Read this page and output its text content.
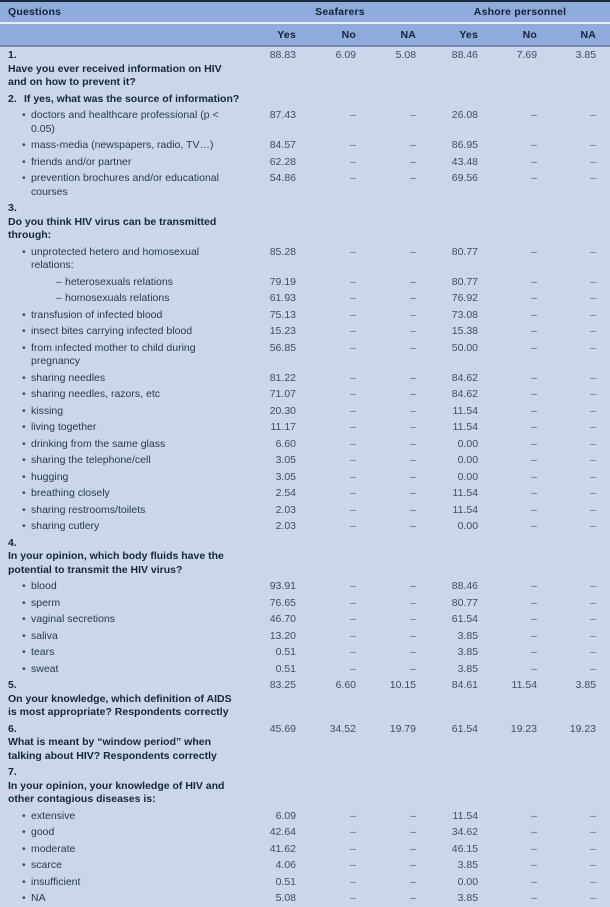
Questions	Seafarers			Ashore personnel		
	Yes	No	NA	Yes	No	NA
1.Have you ever received information on HIV and on how to prevent it?	88.83	6.09	5.08	88.46	7.69	3.85
2. If yes, what was the source of information?						
• doctors and healthcare professional (p < 0.05)	87.43	–	–	26.08	–	–
• mass-media (newspapers, radio, TV…)	84.57	–	–	86.95	–	–
• friends and/or partner	62.28	–	–	43.48	–	–
• prevention brochures and/or educational courses	54.86	–	–	69.56	–	–
3.Do you think HIV virus can be transmitted through:						
• unprotected hetero and homosexual relations:	85.28	–	–	80.77	–	–
– heterosexuals relations	79.19	–	–	80.77	–	–
– homosexuals relations	61.93	–	–	76.92	–	–
• transfusion of infected blood	75.13	–	–	73.08	–	–
• insect bites carrying infected blood	15.23	–	–	15.38	–	–
• from infected mother to child during pregnancy	56.85	–	–	50.00	–	–
• sharing needles	81.22	–	–	84.62	–	–
• sharing needles, razors, etc	71.07	–	–	84.62	–	–
• kissing	20.30	–	–	11.54	–	–
• living together	11.17	–	–	11.54	–	–
• drinking from the same glass	6.60	–	–	0.00	–	–
• sharing the telephone/cell	3.05	–	–	0.00	–	–
• hugging	3.05	–	–	0.00	–	–
• breathing closely	2.54	–	–	11.54	–	–
• sharing restrooms/toilets	2.03	–	–	11.54	–	–
• sharing cutlery	2.03	–	–	0.00	–	–
4.In your opinion, which body fluids have the potential to transmit the HIV virus?						
• blood	93.91	–	–	88.46	–	–
• sperm	76.65	–	–	80.77	–	–
• vaginal secretions	46.70	–	–	61.54	–	–
• saliva	13.20	–	–	3.85	–	–
• tears	0.51	–	–	3.85	–	–
• sweat	0.51	–	–	3.85	–	–
5.On your knowledge, which definition of AIDS is most appropriate? Respondents correctly	83.25	6.60	10.15	84.61	11.54	3.85
6.What is meant by “window period” when talking about HIV? Respondents correctly	45.69	34.52	19.79	61.54	19.23	19.23
7.In your opinion, your knowledge of HIV and other contagious diseases is:						
• extensive	6.09	–	–	11.54	–	–
• good	42.64	–	–	34.62	–	–
• moderate	41.62	–	–	46.15	–	–
• scarce	4.06	–	–	3.85	–	–
• insufficient	0.51	–	–	0.00	–	–
• NA	5.08	–	–	3.85	–	–
